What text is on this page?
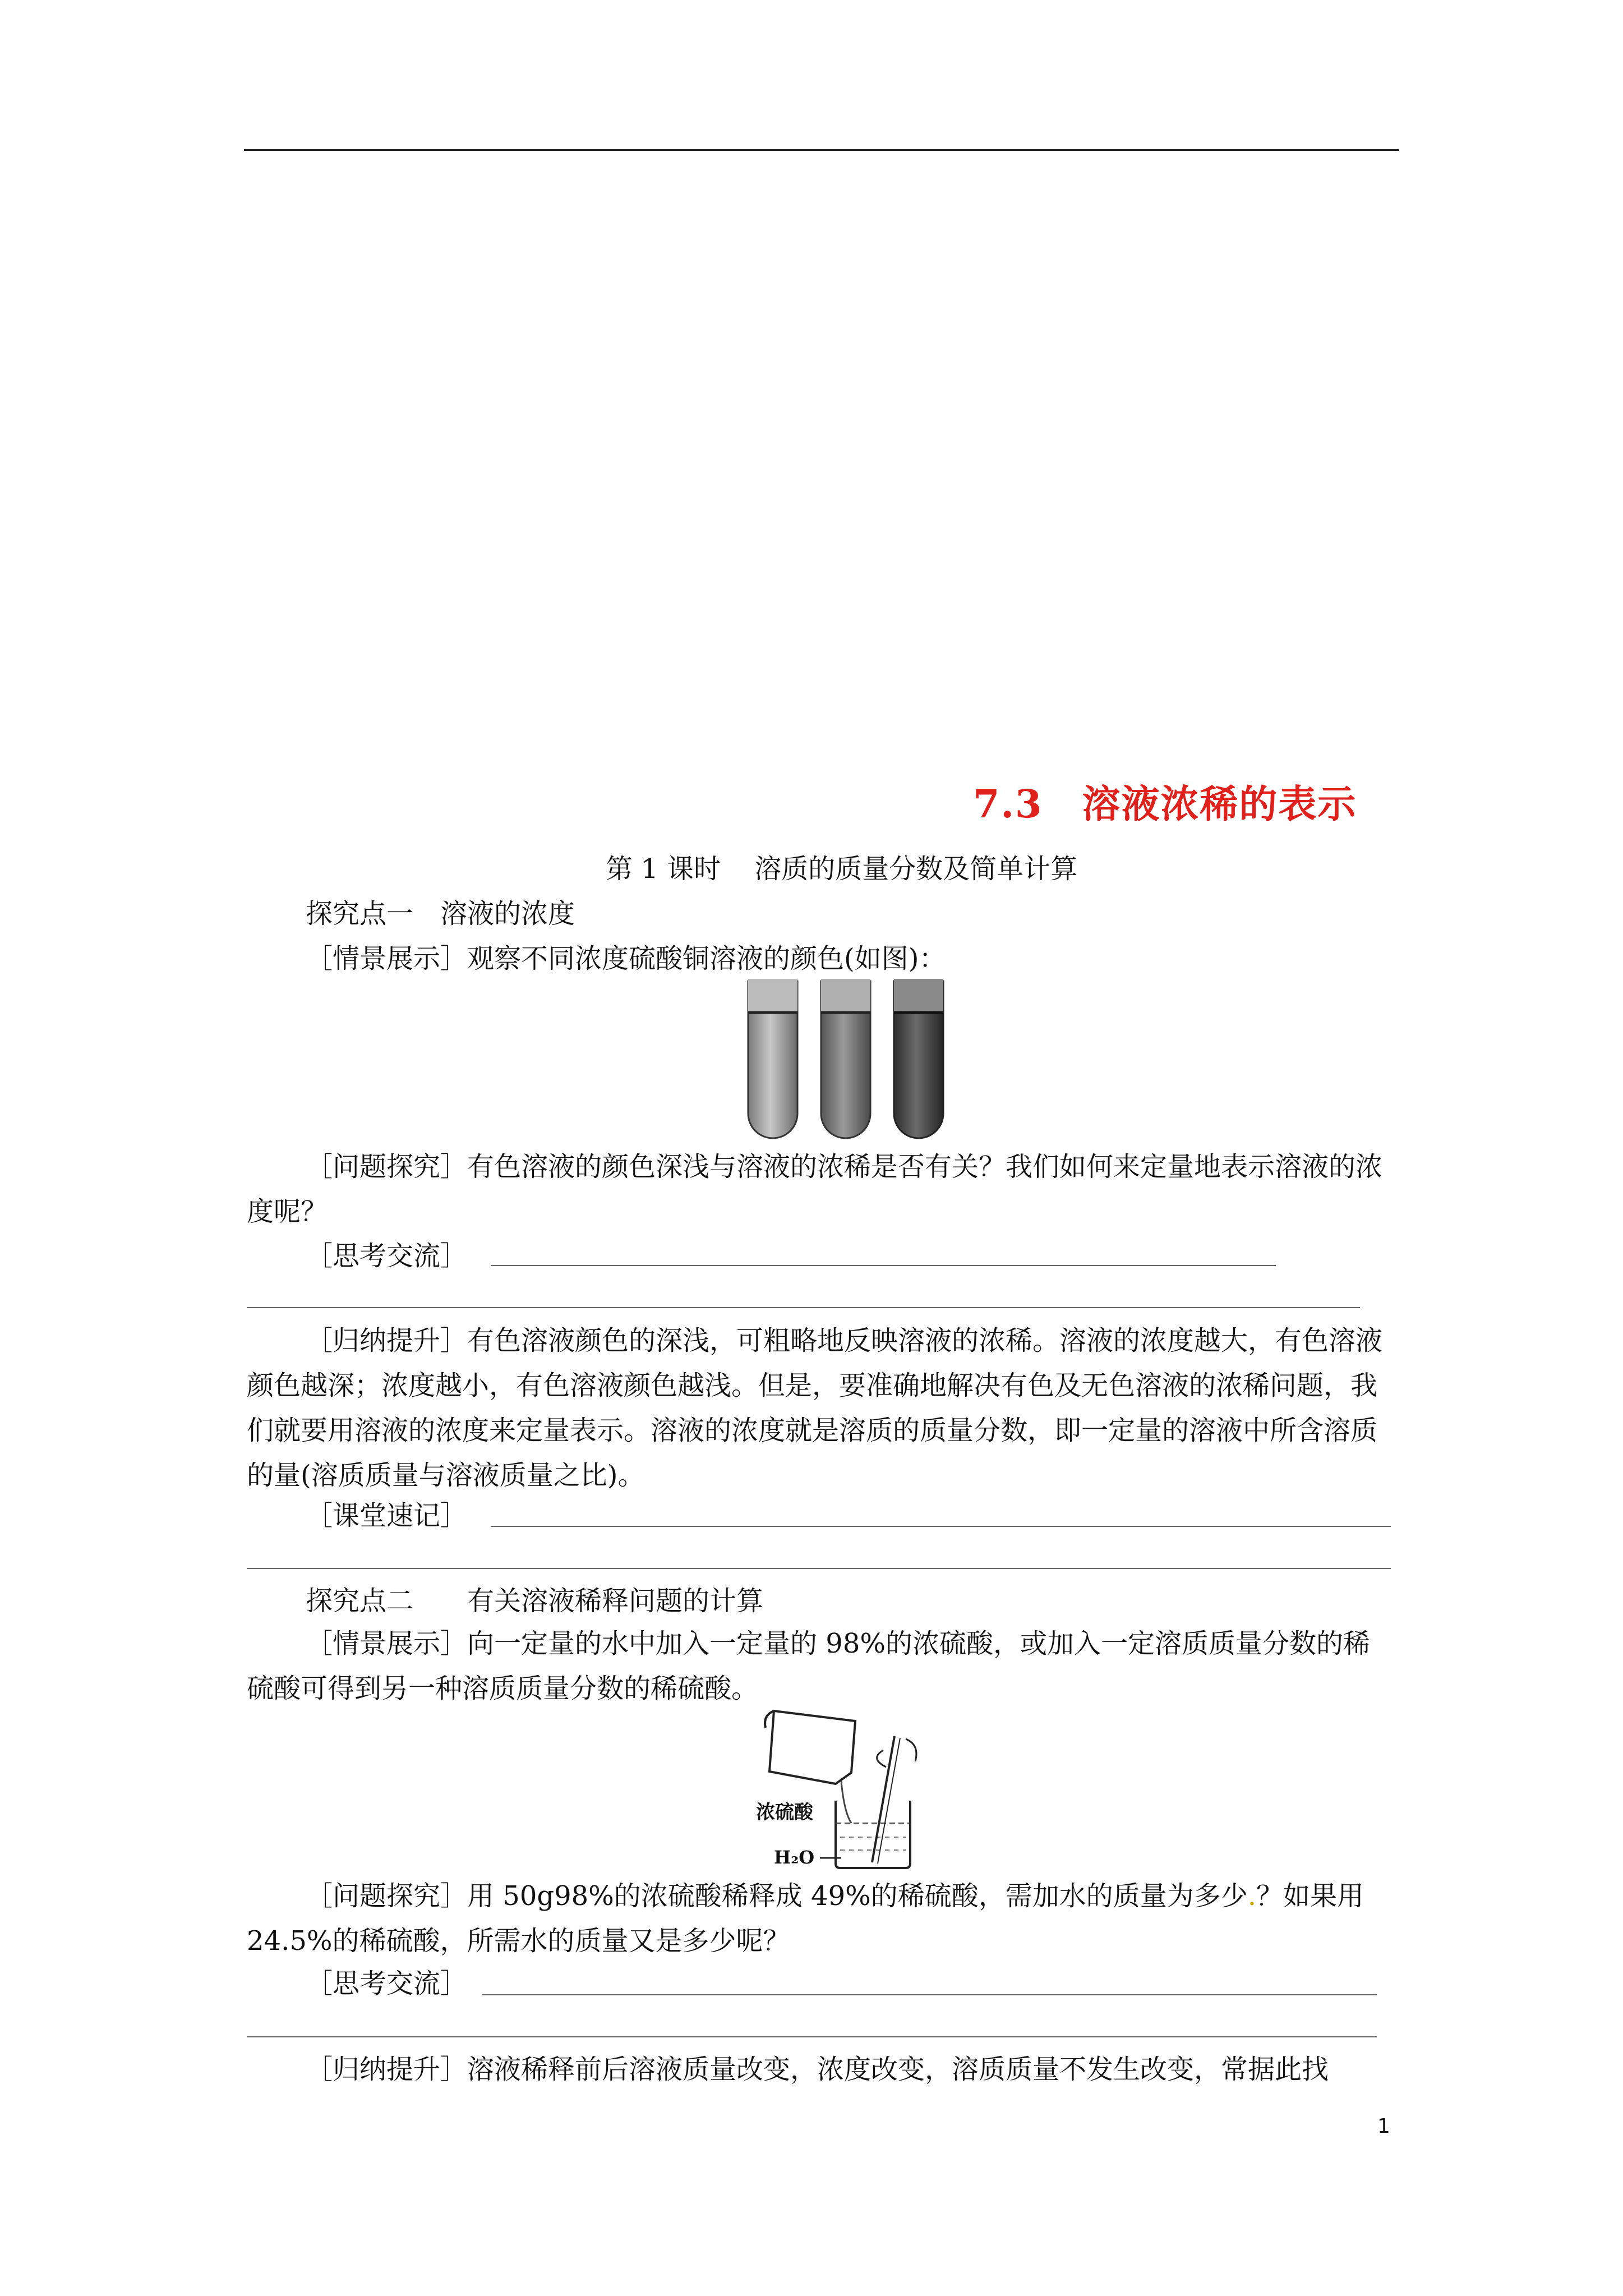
7.3 溶液浓稀的表示
第 1 课时 溶质的质量分数及简单计算
探究点一　溶液的浓度
［情景展示］观察不同浓度硫酸铜溶液的颜色(如图)：
［问题探究］有色溶液的颜色深浅与溶液的浓稀是否有关？我们如何来定量地表示溶液的浓度呢？
［思考交流］
［归纳提升］有色溶液颜色的深浅，可粗略地反映溶液的浓稀。溶液的浓度越大，有色溶液颜色越深；浓度越小，有色溶液颜色越浅。但是，要准确地解决有色及无色溶液的浓稀问题，我们就要用溶液的浓度来定量表示。溶液的浓度就是溶质的质量分数，即一定量的溶液中所含溶质的量(溶质质量与溶液质量之比)。
［课堂速记］
探究点二　　有关溶液稀释问题的计算
［情景展示］向一定量的水中加入一定量的 98%的浓硫酸，或加入一定溶质质量分数的稀硫酸可得到另一种溶质质量分数的稀硫酸。
浓硫酸
H₂O
［问题探究］用 50g98%的浓硫酸稀释成 49%的稀硫酸，需加水的质量为多少.？如果用 24.5%的稀硫酸，所需水的质量又是多少呢？
［思考交流］
［归纳提升］溶液稀释前后溶液质量改变，浓度改变，溶质质量不发生改变，常据此找
1
